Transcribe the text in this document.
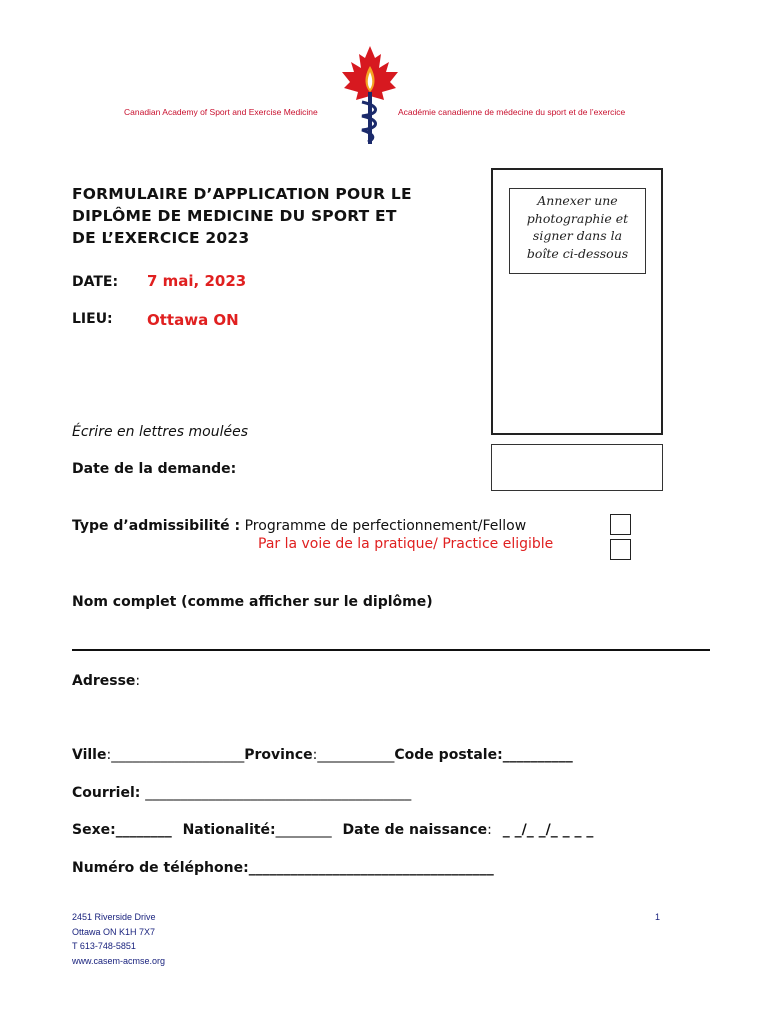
Canadian Academy of Sport and Exercise Medicine	Académie canadienne de médecine du sport et de l’exercice
FORMULAIRE D’APPLICATION POUR LE
DIPLÔME DE MEDICINE DU SPORT ET
DE L’EXERCICE 2023
DATE: 7 mai, 2023
LIEU: Ottawa ON
Annexer une
photographie et
signer dans la
boîte ci-dessous
Écrire en lettres moulées
Date de la demande:
Type d’admissibilité : Programme de perfectionnement/Fellow
Par la voie de la pratique/ Practice eligible
Nom complet (comme afficher sur le diplôme)
Adresse:
Ville:___________________Province:___________Code postale:__________
Courriel: ______________________________________
Sexe:________ Nationalité:________ Date de naissance: _ _/_ _/_ _ _ _
Numéro de téléphone:___________________________________
2451 Riverside Drive
Ottawa ON K1H 7X7
T 613-748-5851
www.casem-acmse.org
1
